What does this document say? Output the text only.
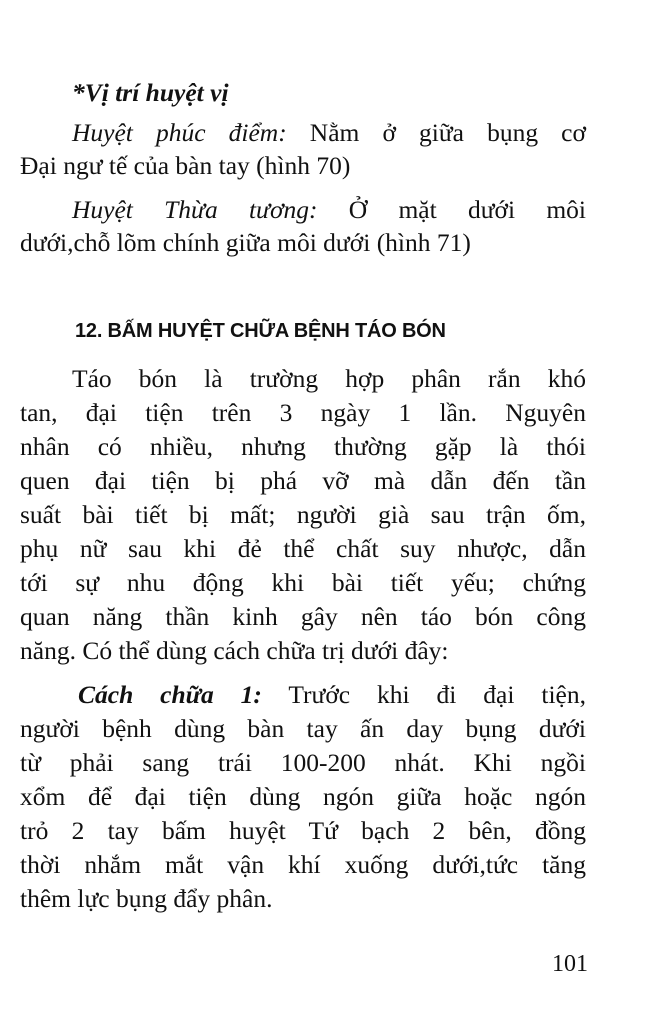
*Vị trí huyệt vị
Huyệt phúc điểm: Nằm ở giữa bụng cơ
Đại ngư tế của bàn tay (hình 70)
Huyệt Thừa tương: Ở mặt dưới môi
dưới,chỗ lõm chính giữa môi dưới (hình 71)
12. BẤM HUYỆT CHỮA BỆNH TÁO BÓN
Táo bón là trường hợp phân rắn khó
tan, đại tiện trên 3 ngày 1 lần. Nguyên
nhân có nhiều, nhưng thường gặp là thói
quen đại tiện bị phá vỡ mà dẫn đến tần
suất bài tiết bị mất; người già sau trận ốm,
phụ nữ sau khi đẻ thể chất suy nhược, dẫn
tới sự nhu động khi bài tiết yếu; chứng
quan năng thần kinh gây nên táo bón công
năng. Có thể dùng cách chữa trị dưới đây:
Cách chữa 1: Trước khi đi đại tiện,
người bệnh dùng bàn tay ấn day bụng dưới
từ phải sang trái 100-200 nhát. Khi ngồi
xổm để đại tiện dùng ngón giữa hoặc ngón
trỏ 2 tay bấm huyệt Tứ bạch 2 bên, đồng
thời nhắm mắt vận khí xuống dưới,tức tăng
thêm lực bụng đẩy phân.
101
